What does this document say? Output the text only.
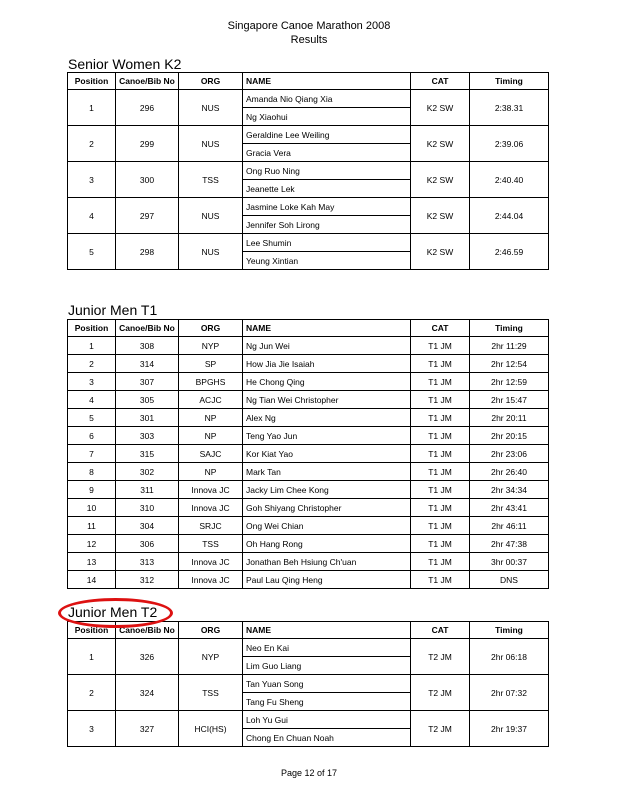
Singapore Canoe Marathon 2008
Results
Senior Women K2
Position	Canoe/Bib No	ORG	NAME	CAT	Timing
1	296	NUS	Amanda Nio Qiang Xia	K2 SW	2:38.31
			Ng Xiaohui		
2	299	NUS	Geraldine Lee Weiling	K2 SW	2:39.06
			Gracia Vera		
3	300	TSS	Ong Ruo Ning	K2 SW	2:40.40
			Jeanette Lek		
4	297	NUS	Jasmine Loke Kah May	K2 SW	2:44.04
			Jennifer Soh Lirong		
5	298	NUS	Lee Shumin	K2 SW	2:46.59
			Yeung Xintian		
Junior Men T1
Position	Canoe/Bib No	ORG	NAME	CAT	Timing
1	308	NYP	Ng Jun Wei	T1 JM	2hr 11:29
2	314	SP	How Jia Jie Isaiah	T1 JM	2hr 12:54
3	307	BPGHS	He Chong Qing	T1 JM	2hr 12:59
4	305	ACJC	Ng Tian Wei Christopher	T1 JM	2hr 15:47
5	301	NP	Alex Ng	T1 JM	2hr 20:11
6	303	NP	Teng Yao Jun	T1 JM	2hr 20:15
7	315	SAJC	Kor Kiat Yao	T1 JM	2hr 23:06
8	302	NP	Mark Tan	T1 JM	2hr 26:40
9	311	Innova JC	Jacky Lim Chee Kong	T1 JM	2hr 34:34
10	310	Innova JC	Goh Shiyang Christopher	T1 JM	2hr 43:41
11	304	SRJC	Ong Wei Chian	T1 JM	2hr 46:11
12	306	TSS	Oh Hang Rong	T1 JM	2hr 47:38
13	313	Innova JC	Jonathan Beh Hsiung Ch'uan	T1 JM	3hr 00:37
14	312	Innova JC	Paul Lau Qing Heng	T1 JM	DNS
Junior Men T2
Position	Canoe/Bib No	ORG	NAME	CAT	Timing
1	326	NYP	Neo En Kai	T2 JM	2hr 06:18
			Lim Guo Liang		
2	324	TSS	Tan Yuan Song	T2 JM	2hr 07:32
			Tang Fu Sheng		
3	327	HCI(HS)	Loh Yu Gui	T2 JM	2hr 19:37
			Chong En Chuan Noah		
Page 12 of 17
